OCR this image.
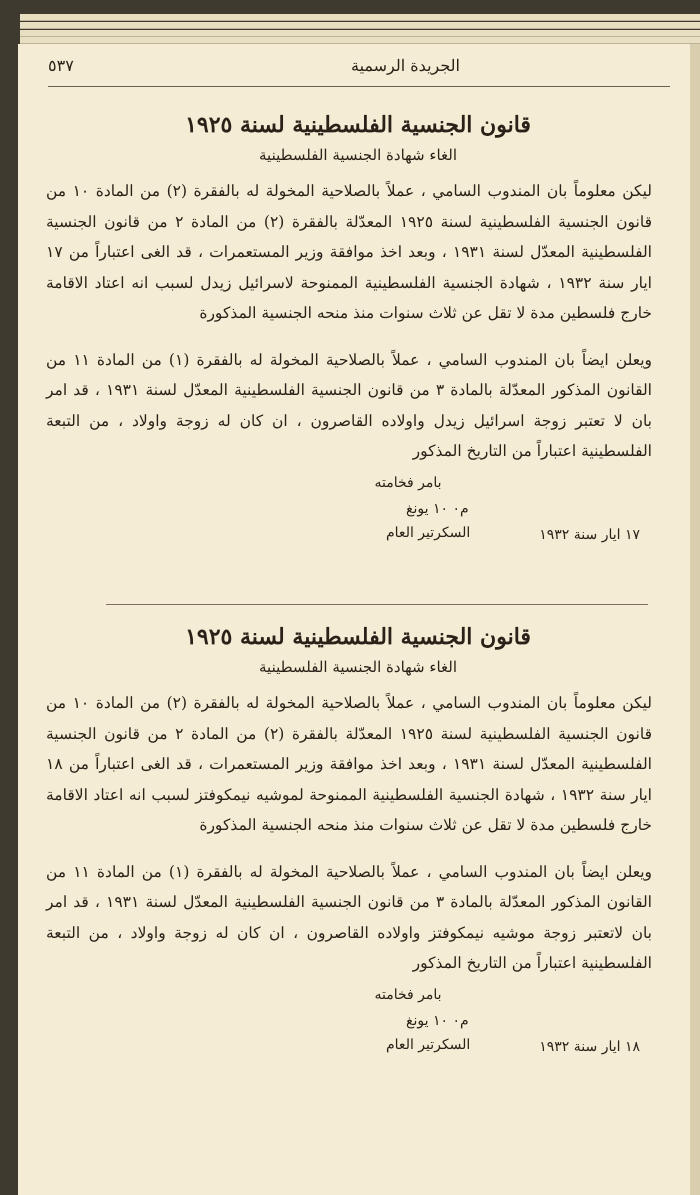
الجريدة الرسمية
٥٣٧
قانون الجنسية الفلسطينية لسنة ١٩٢٥
الغاء شهادة الجنسية الفلسطينية

ليكن معلوماً بان المندوب السامي ، عملاً بالصلاحية المخولة له بالفقرة (٢) من المادة ١٠ من قانون الجنسية الفلسطينية لسنة ١٩٢٥ المعدّلة بالفقرة (٢) من المادة ٢ من قانون الجنسية الفلسطينية المعدّل لسنة ١٩٣١ ، وبعد اخذ موافقة وزير المستعمرات ، قد الغى اعتباراً من ١٧ ايار سنة ١٩٣٢ ، شهادة الجنسية الفلسطينية الممنوحة لاسرائيل زيدل لسبب انه اعتاد الاقامة خارج فلسطين مدة لا تقل عن ثلاث سنوات منذ منحه الجنسية المذكورة

ويعلن ايضاً بان المندوب السامي ، عملاً بالصلاحية المخولة له بالفقرة (١) من المادة ١١ من القانون المذكور المعدّلة بالمادة ٣ من قانون الجنسية الفلسطينية المعدّل لسنة ١٩٣١ ، قد امر بان لا تعتبر زوجة اسرائيل زيدل واولاده القاصرون ، ان كان له زوجة واولاد ، من التبعة الفلسطينية اعتباراً من التاريخ المذكور

بامر فخامته
م٠ ١٠ يونغ
السكرتير العام	١٧ ايار سنة ١٩٣٢
قانون الجنسية الفلسطينية لسنة ١٩٢٥
الغاء شهادة الجنسية الفلسطينية

ليكن معلوماً بان المندوب السامي ، عملاً بالصلاحية المخولة له بالفقرة (٢) من المادة ١٠ من قانون الجنسية الفلسطينية لسنة ١٩٢٥ المعدّلة بالفقرة (٢) من المادة ٢ من قانون الجنسية الفلسطينية المعدّل لسنة ١٩٣١ ، وبعد اخذ موافقة وزير المستعمرات ، قد الغى اعتباراً من ١٨ ايار سنة ١٩٣٢ ، شهادة الجنسية الفلسطينية الممنوحة لموشيه نيمكوفتز لسبب انه اعتاد الاقامة خارج فلسطين مدة لا تقل عن ثلاث سنوات منذ منحه الجنسية المذكورة

ويعلن ايضاً بان المندوب السامي ، عملاً بالصلاحية المخولة له بالفقرة (١) من المادة ١١ من القانون المذكور المعدّلة بالمادة ٣ من قانون الجنسية الفلسطينية المعدّل لسنة ١٩٣١ ، قد امر بان لاتعتبر زوجة موشيه نيمكوفتز واولاده القاصرون ، ان كان له زوجة واولاد ، من التبعة الفلسطينية اعتباراً من التاريخ المذكور

بامر فخامته
م٠ ١٠ يونغ
السكرتير العام	١٨ ايار سنة ١٩٣٢
